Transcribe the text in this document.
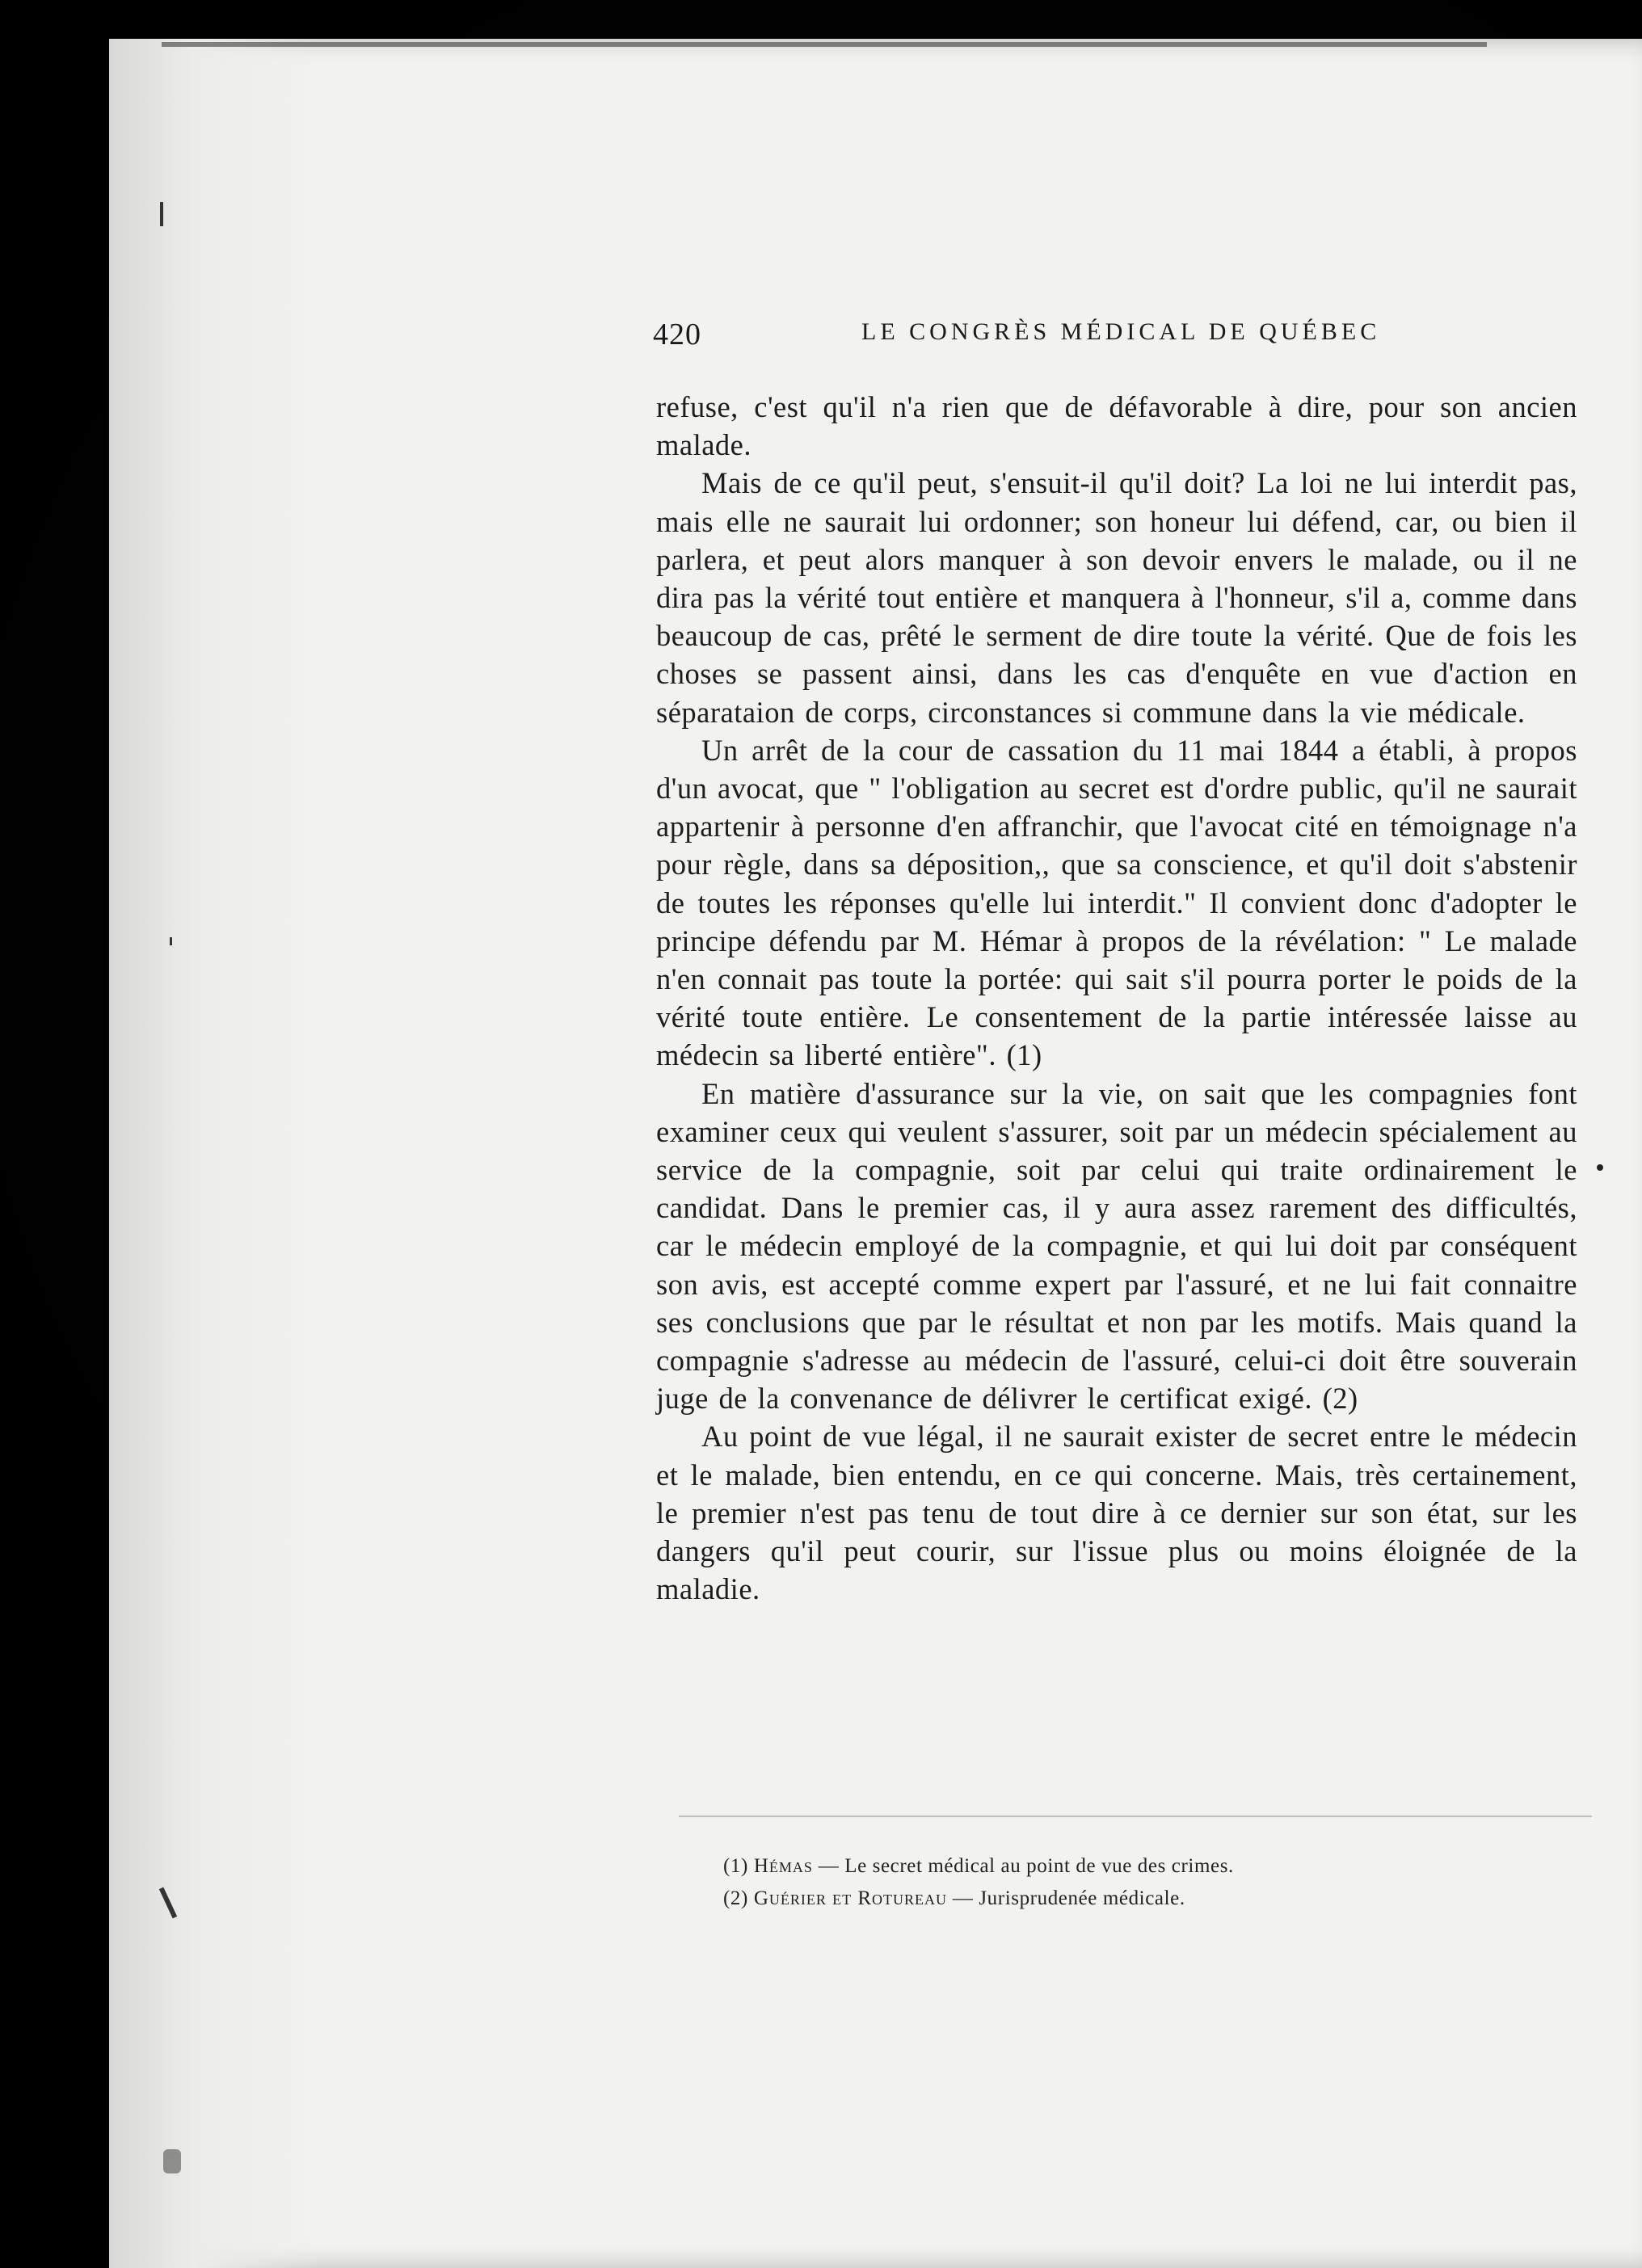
420	LE CONGRÈS MÉDICAL DE QUÉBEC

refuse, c'est qu'il n'a rien que de défavorable à dire, pour son ancien malade.

Mais de ce qu'il peut, s'ensuit-il qu'il doit? La loi ne lui interdit pas, mais elle ne saurait lui ordonner; son honeur lui défend, car, ou bien il parlera, et peut alors manquer à son devoir envers le malade, ou il ne dira pas la vérité tout entière et manquera à l'honneur, s'il a, comme dans beaucoup de cas, prêté le serment de dire toute la vérité. Que de fois les choses se passent ainsi, dans les cas d'enquête en vue d'action en séparataion de corps, circonstances si commune dans la vie médicale.

Un arrêt de la cour de cassation du 11 mai 1844 a établi, à propos d'un avocat, que " l'obligation au secret est d'ordre public, qu'il ne saurait appartenir à personne d'en affranchir, que l'avocat cité en témoignage n'a pour règle, dans sa déposition,, que sa conscience, et qu'il doit s'abstenir de toutes les réponses qu'elle lui interdit." Il convient donc d'adopter le principe défendu par M. Hémar à propos de la révélation: " Le malade n'en connait pas toute la portée: qui sait s'il pourra porter le poids de la vérité toute entière. Le consentement de la partie intéressée laisse au médecin sa liberté entière". (1)

En matière d'assurance sur la vie, on sait que les compagnies font examiner ceux qui veulent s'assurer, soit par un médecin spécialement au service de la compagnie, soit par celui qui traite ordinairement le candidat. Dans le premier cas, il y aura assez rarement des difficultés, car le médecin employé de la compagnie, et qui lui doit par conséquent son avis, est accepté comme expert par l'assuré, et ne lui fait connaitre ses conclusions que par le résultat et non par les motifs. Mais quand la compagnie s'adresse au médecin de l'assuré, celui-ci doit être souverain juge de la convenance de délivrer le certificat exigé. (2)

Au point de vue légal, il ne saurait exister de secret entre le médecin et le malade, bien entendu, en ce qui concerne. Mais, très certainement, le premier n'est pas tenu de tout dire à ce dernier sur son état, sur les dangers qu'il peut courir, sur l'issue plus ou moins éloignée de la maladie.

(1) Hémas — Le secret médical au point de vue des crimes.

(2) Guérier et Rotureau — Jurisprudenée médicale.
